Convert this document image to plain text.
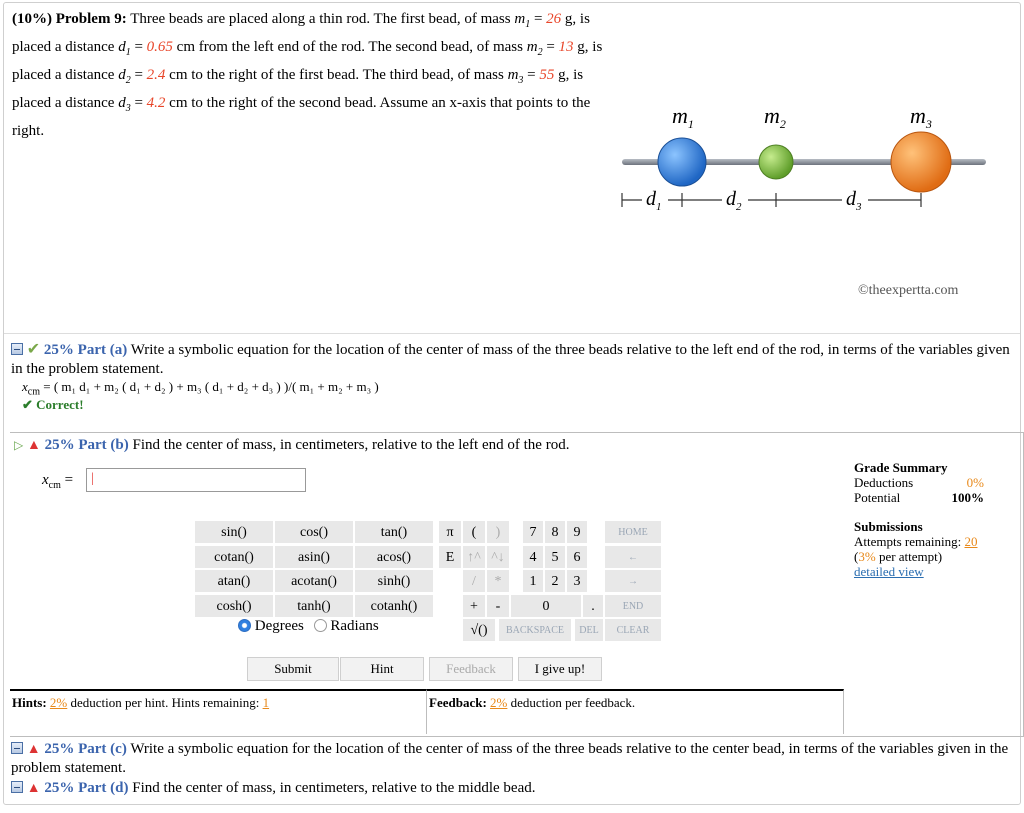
(10%) Problem 9: Three beads are placed along a thin rod. The first bead, of mass $m_1 = 26$ g, is placed a distance $d_1 = 0.65$ cm from the left end of the rod. The second bead, of mass $m_2 = 13$ g, is placed a distance $d_2 = 2.4$ cm to the right of the first bead. The third bead, of mass $m_3 = 55$ g, is placed a distance $d_3 = 4.2$ cm to the right of the second bead. Assume an x-axis that points to the right.
$m_1$	$m_2$	$m_3$
$d_1$	$d_2$	$d_3$
©theexpertta.com
✔ 25% Part (a) Write a symbolic equation for the location of the center of mass of the three beads relative to the left end of the rod, in terms of the variables given in the problem statement.
$x_{cm}$ = ( m₁ d₁ + m₂ ( d₁ + d₂ ) + m₃ ( d₁ + d₂ + d₃ ) )/( m₁ + m₂ + m₃ )
✔ Correct!
▷ ▲ 25% Part (b) Find the center of mass, in centimeters, relative to the left end of the rod.
$x_{cm}$ =	|
Grade Summary
Deductions	0%
Potential	100%
Submissions
Attempts remaining: 20
(3% per attempt)
detailed view
sin()	cos()	tan()
cotan()	asin()	acos()
atan()	acotan()	sinh()
cosh()	tanh()	cotanh()
π	(	)
E ↑^ ^↓
/	*
+	-
√()
7	8	9
4	5	6
1	2	3
0	.
HOME
←
→
END
BACKSPACE	DEL	CLEAR
Degrees Radians
Submit	Hint	Feedback	I give up!
Hints: 2% deduction per hint. Hints remaining: 1	Feedback: 2% deduction per feedback.
▲ 25% Part (c) Write a symbolic equation for the location of the center of mass of the three beads relative to the center bead, in terms of the variables given in the problem statement.
▲ 25% Part (d) Find the center of mass, in centimeters, relative to the middle bead.
